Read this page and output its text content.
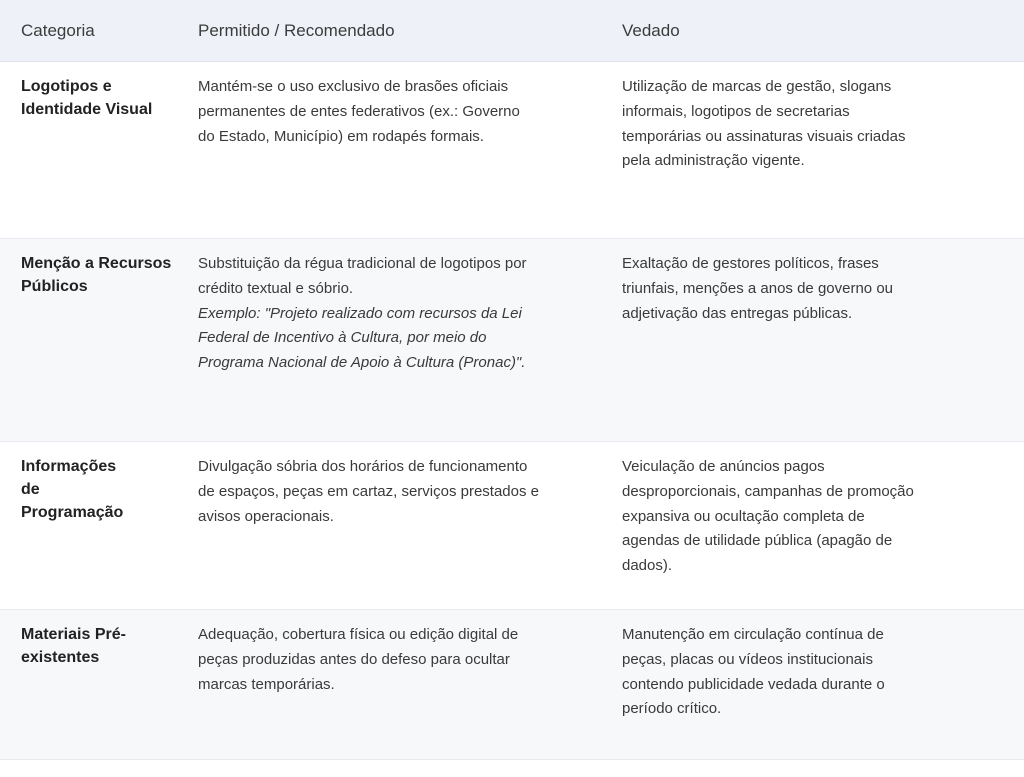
Categoria	Permitido / Recomendado	Vedado
Logotipos e Identidade Visual
Mantém-se o uso exclusivo de brasões oficiais permanentes de entes federativos (ex.: Governo do Estado, Município) em rodapés formais.
Utilização de marcas de gestão, slogans informais, logotipos de secretarias temporárias ou assinaturas visuais criadas pela administração vigente.
Menção a Recursos Públicos
Substituição da régua tradicional de logotipos por crédito textual e sóbrio.
Exemplo: "Projeto realizado com recursos da Lei Federal de Incentivo à Cultura, por meio do Programa Nacional de Apoio à Cultura (Pronac)".
Exaltação de gestores políticos, frases triunfais, menções a anos de governo ou adjetivação das entregas públicas.
Informações de Programação
Divulgação sóbria dos horários de funcionamento de espaços, peças em cartaz, serviços prestados e avisos operacionais.
Veiculação de anúncios pagos desproporcionais, campanhas de promoção expansiva ou ocultação completa de agendas de utilidade pública (apagão de dados).
Materiais Pré-existentes
Adequação, cobertura física ou edição digital de peças produzidas antes do defeso para ocultar marcas temporárias.
Manutenção em circulação contínua de peças, placas ou vídeos institucionais contendo publicidade vedada durante o período crítico.
